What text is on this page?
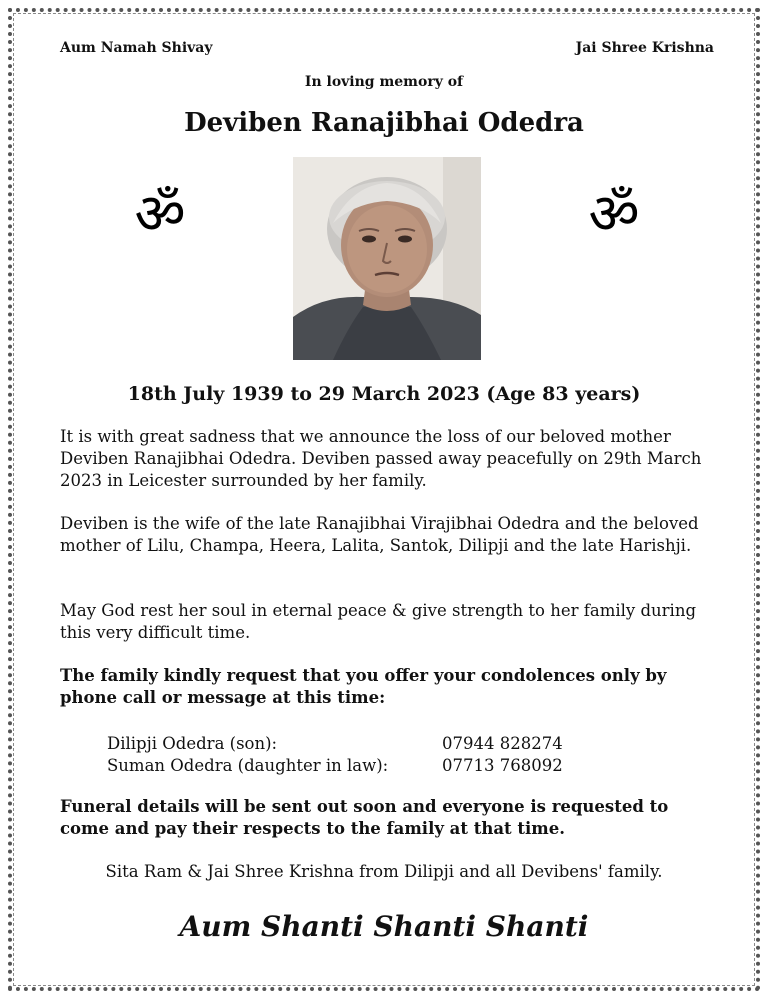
Aum Namah Shivay	Jai Shree Krishna
In loving memory of
Deviben Ranajibhai Odedra
ॐ	ॐ
18th July 1939 to 29 March 2023 (Age 83 years)

It is with great sadness that we announce the loss of our beloved mother Deviben Ranajibhai Odedra. Deviben passed away peacefully on 29th March 2023 in Leicester surrounded by her family.

Deviben is the wife of the late Ranajibhai Virajibhai Odedra and the beloved mother of Lilu, Champa, Heera, Lalita, Santok, Dilipji and the late Harishji.

May God rest her soul in eternal peace & give strength to her family during this very difficult time.

The family kindly request that you offer your condolences only by phone call or message at this time:
Dilipji Odedra (son):	07944 828274
Suman Odedra (daughter in law):	07713 768092
Funeral details will be sent out soon and everyone is requested to come and pay their respects to the family at that time.
Sita Ram & Jai Shree Krishna from Dilipji and all Devibens' family.
Aum Shanti Shanti Shanti
